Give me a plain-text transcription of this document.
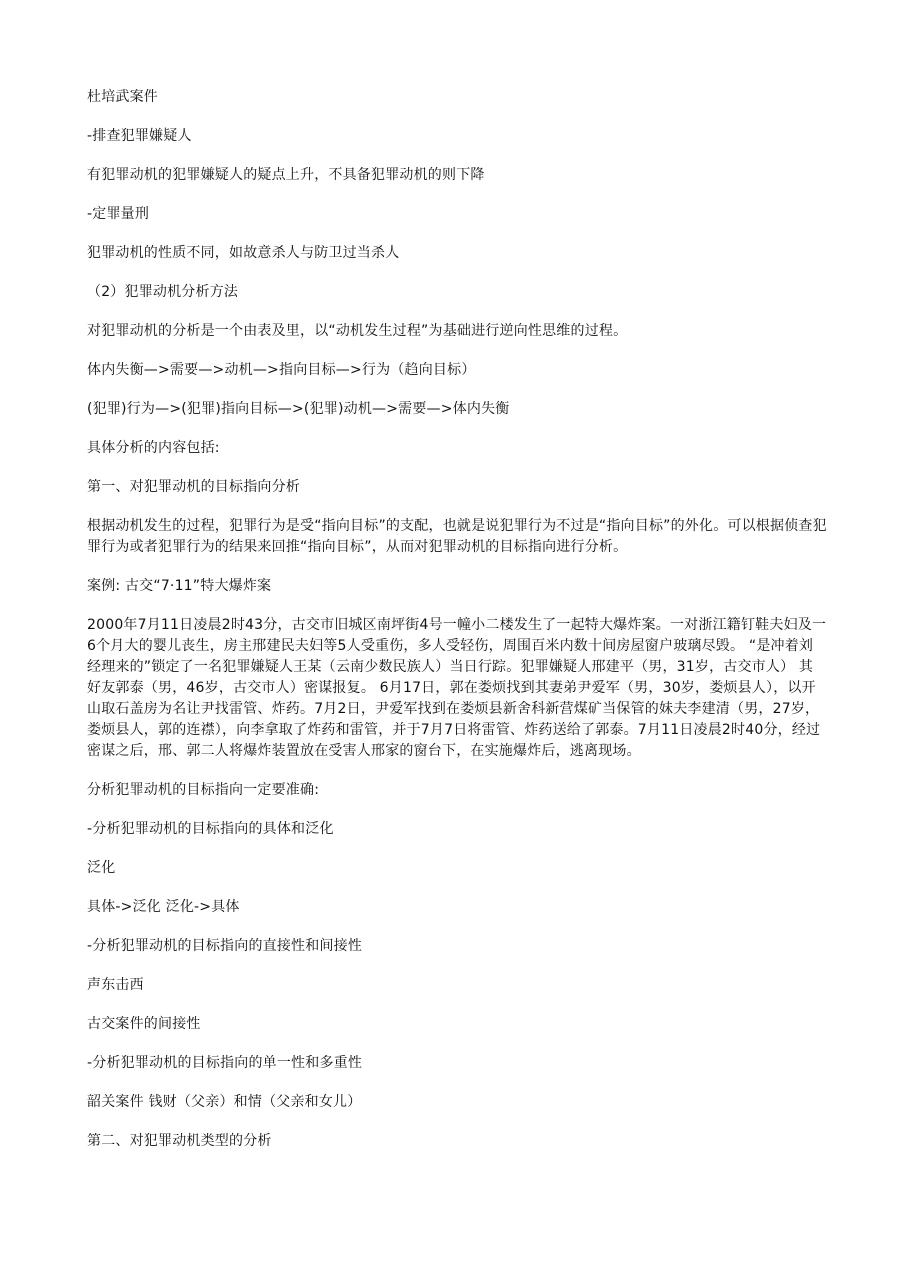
杜培武案件

-排查犯罪嫌疑人

有犯罪动机的犯罪嫌疑人的疑点上升，不具备犯罪动机的则下降

-定罪量刑

犯罪动机的性质不同，如故意杀人与防卫过当杀人

（2）犯罪动机分析方法

对犯罪动机的分析是一个由表及里，以“动机发生过程”为基础进行逆向性思维的过程。

体内失衡—>需要—>动机—>指向目标—>行为（趋向目标）

(犯罪)行为—>(犯罪)指向目标—>(犯罪)动机—>需要—>体内失衡

具体分析的内容包括:

第一、对犯罪动机的目标指向分析

根据动机发生的过程，犯罪行为是受“指向目标”的支配，也就是说犯罪行为不过是“指向目标”的外化。可以根据侦查犯罪行为或者犯罪行为的结果来回推“指向目标”，从而对犯罪动机的目标指向进行分析。

案例: 古交“7·11”特大爆炸案

2000年7月11日凌晨2时43分，古交市旧城区南坪街4号一幢小二楼发生了一起特大爆炸案。一对浙江籍钉鞋夫妇及一6个月大的婴儿丧生，房主邢建民夫妇等5人受重伤，多人受轻伤，周围百米内数十间房屋窗户玻璃尽毁。 “是冲着刘经理来的”锁定了一名犯罪嫌疑人王某（云南少数民族人）当日行踪。犯罪嫌疑人邢建平（男，31岁，古交市人） 其好友郭泰（男，46岁，古交市人）密谋报复。 6月17日，郭在娄烦找到其妻弟尹爱军（男，30岁，娄烦县人），以开山取石盖房为名让尹找雷管、炸药。7月2日，尹爱军找到在娄烦县新舍科新营煤矿当保管的妹夫李建清（男，27岁，娄烦县人，郭的连襟），向李拿取了炸药和雷管，并于7月7日将雷管、炸药送给了郭泰。7月11日凌晨2时40分，经过密谋之后，邢、郭二人将爆炸装置放在受害人邢家的窗台下，在实施爆炸后，逃离现场。

分析犯罪动机的目标指向一定要准确:

-分析犯罪动机的目标指向的具体和泛化

泛化

具体->泛化 泛化->具体

-分析犯罪动机的目标指向的直接性和间接性

声东击西

古交案件的间接性

-分析犯罪动机的目标指向的单一性和多重性

韶关案件 钱财（父亲）和情（父亲和女儿）

第二、对犯罪动机类型的分析
